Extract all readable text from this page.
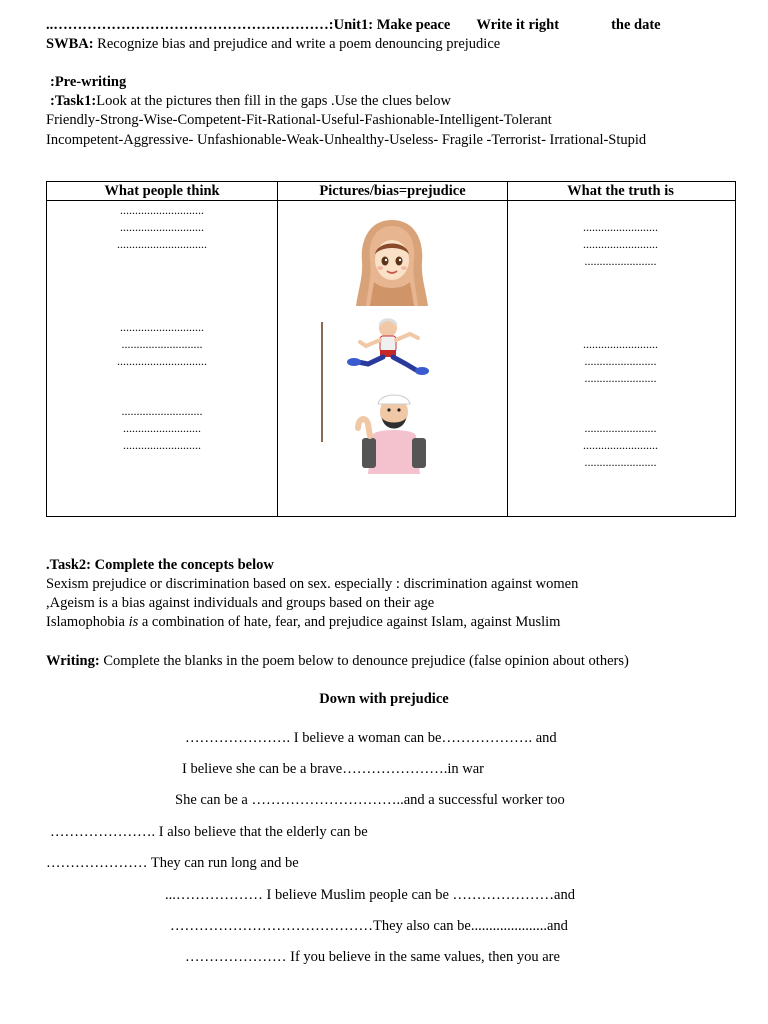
..…………………………………………………:Unit1: Make peace Write it right	the date
SWBA: Recognize bias and prejudice and write a poem denouncing prejudice
:Pre-writing
:Task1:Look at the pictures then fill in the gaps .Use the clues below
Friendly-Strong-Wise-Competent-Fit-Rational-Useful-Fashionable-Intelligent-Tolerant
Incompetent-Aggressive- Unfashionable-Weak-Unhealthy-Useless- Fragile -Terrorist- Irrational-Stupid
What people think
............................
............................
..............................
............................
...........................
..............................
...........................
..........................
..........................
Pictures/bias=prejudice	What the truth is
.........................
.........................
........................
.........................
........................
........................
........................
.........................
........................
.Task2: Complete the concepts below
Sexism prejudice or discrimination based on sex. especially : discrimination against women
,Ageism is a bias against individuals and groups based on their age
Islamophobia is a combination of hate, fear, and prejudice against Islam, against Muslim
Writing: Complete the blanks in the poem below to denounce prejudice (false opinion about others)
Down with prejudice
…………………. I believe a woman can be………………. and
I believe she can be a brave………………….in war
She can be a …………………………..and a successful worker too
…………………. I also believe that the elderly can be
………………… They can run long and be
...……………… I believe Muslim people can be …………………and
……………………………………They also can be.....................and
………………… If you believe in the same values, then you are
